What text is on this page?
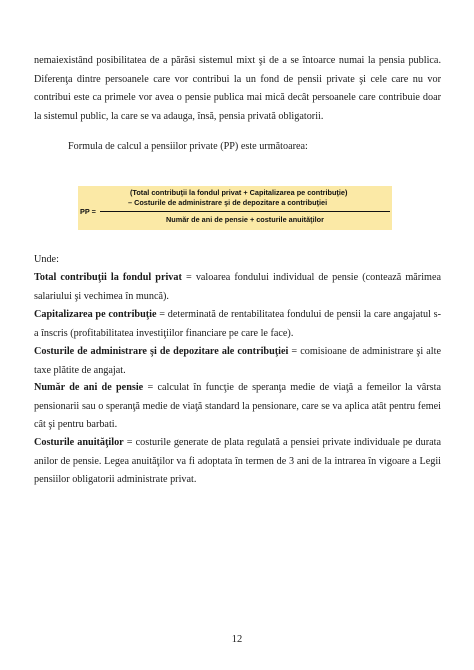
nemaiexistând posibilitatea de a părăsi sistemul mixt şi de a se întoarce numai la pensia publica. Diferenţa dintre persoanele care vor contribui la un fond de pensii private şi cele care nu vor contribui este ca primele vor avea o pensie publica mai mică decât persoanele care contribuie doar la sistemul public, la care se va adauga, însă, pensia privată obligatorii.

Formula de calcul a pensiilor private (PP) este următoarea:

PP =
(Total contribuţii la fondul privat + Capitalizarea pe contribuţie)
– Costurile de administrare şi de depozitare a contribuţiei
Număr de ani de pensie + costurile anuităţilor

Unde:

Total contribuţii la fondul privat = valoarea fondului individual de pensie (contează mărimea salariului şi vechimea în muncă).

Capitalizarea pe contribuţie = determinată de rentabilitatea fondului de pensii la care angajatul s-a înscris (profitabilitatea investiţiilor financiare pe care le face).

Costurile de administrare şi de depozitare ale contribuţiei = comisioane de administrare şi alte taxe plătite de angajat.

Număr de ani de pensie = calculat în funcţie de speranţa medie de viaţă a femeilor la vârsta pensionarii sau o speranţă medie de viaţă standard la pensionare, care se va aplica atât pentru femei cât şi pentru barbati.

Costurile anuităţilor = costurile generate de plata regulată a pensiei private individuale pe durata anilor de pensie. Legea anuităţilor va fi adoptata în termen de 3 ani de la intrarea în vigoare a Legii pensiilor obligatorii administrate privat.

12
